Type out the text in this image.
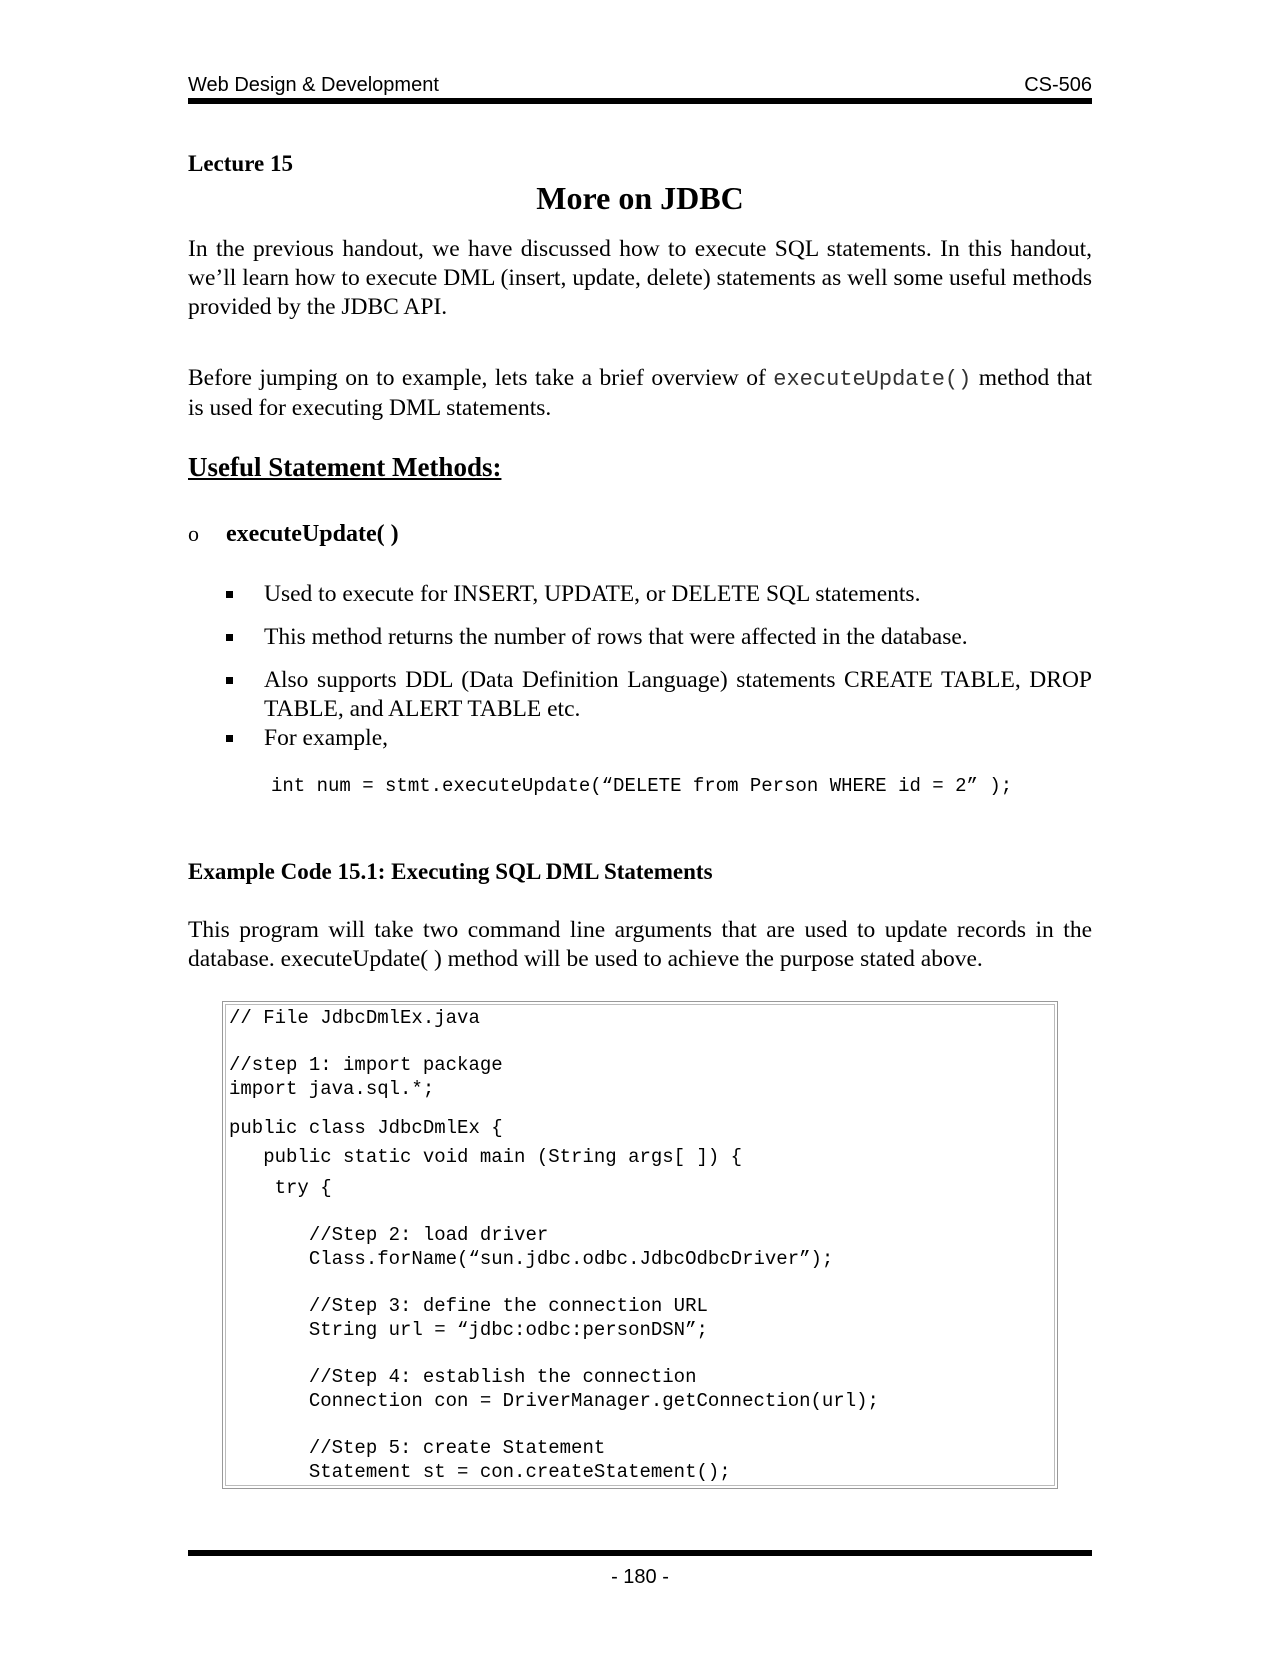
Web Design & Development	CS-506
Lecture 15
More on JDBC
In the previous handout, we have discussed how to execute SQL statements. In this handout, we’ll learn how to execute DML (insert, update, delete) statements as well some useful methods provided by the JDBC API.
Before jumping on to example, lets take a brief overview of executeUpdate() method that is used for executing DML statements.
Useful Statement Methods:
o executeUpdate( )
Used to execute for INSERT, UPDATE, or DELETE SQL statements.
This method returns the number of rows that were affected in the database.
Also supports DDL (Data Definition Language) statements CREATE TABLE, DROP TABLE, and ALERT TABLE etc.
For example,
int num = stmt.executeUpdate(“DELETE from Person WHERE id = 2” );
Example Code 15.1: Executing SQL DML Statements
This program will take two command line arguments that are used to update records in the database. executeUpdate( ) method will be used to achieve the purpose stated above.
// File JdbcDmlEx.java
//step 1: import package
import java.sql.*;
public class JdbcDmlEx {
public static void main (String args[ ]) {
try {
//Step 2: load driver
Class.forName(“sun.jdbc.odbc.JdbcOdbcDriver”);
//Step 3: define the connection URL
String url = “jdbc:odbc:personDSN”;
//Step 4: establish the connection
Connection con = DriverManager.getConnection(url);
//Step 5: create Statement
Statement st = con.createStatement();
- 180 -
